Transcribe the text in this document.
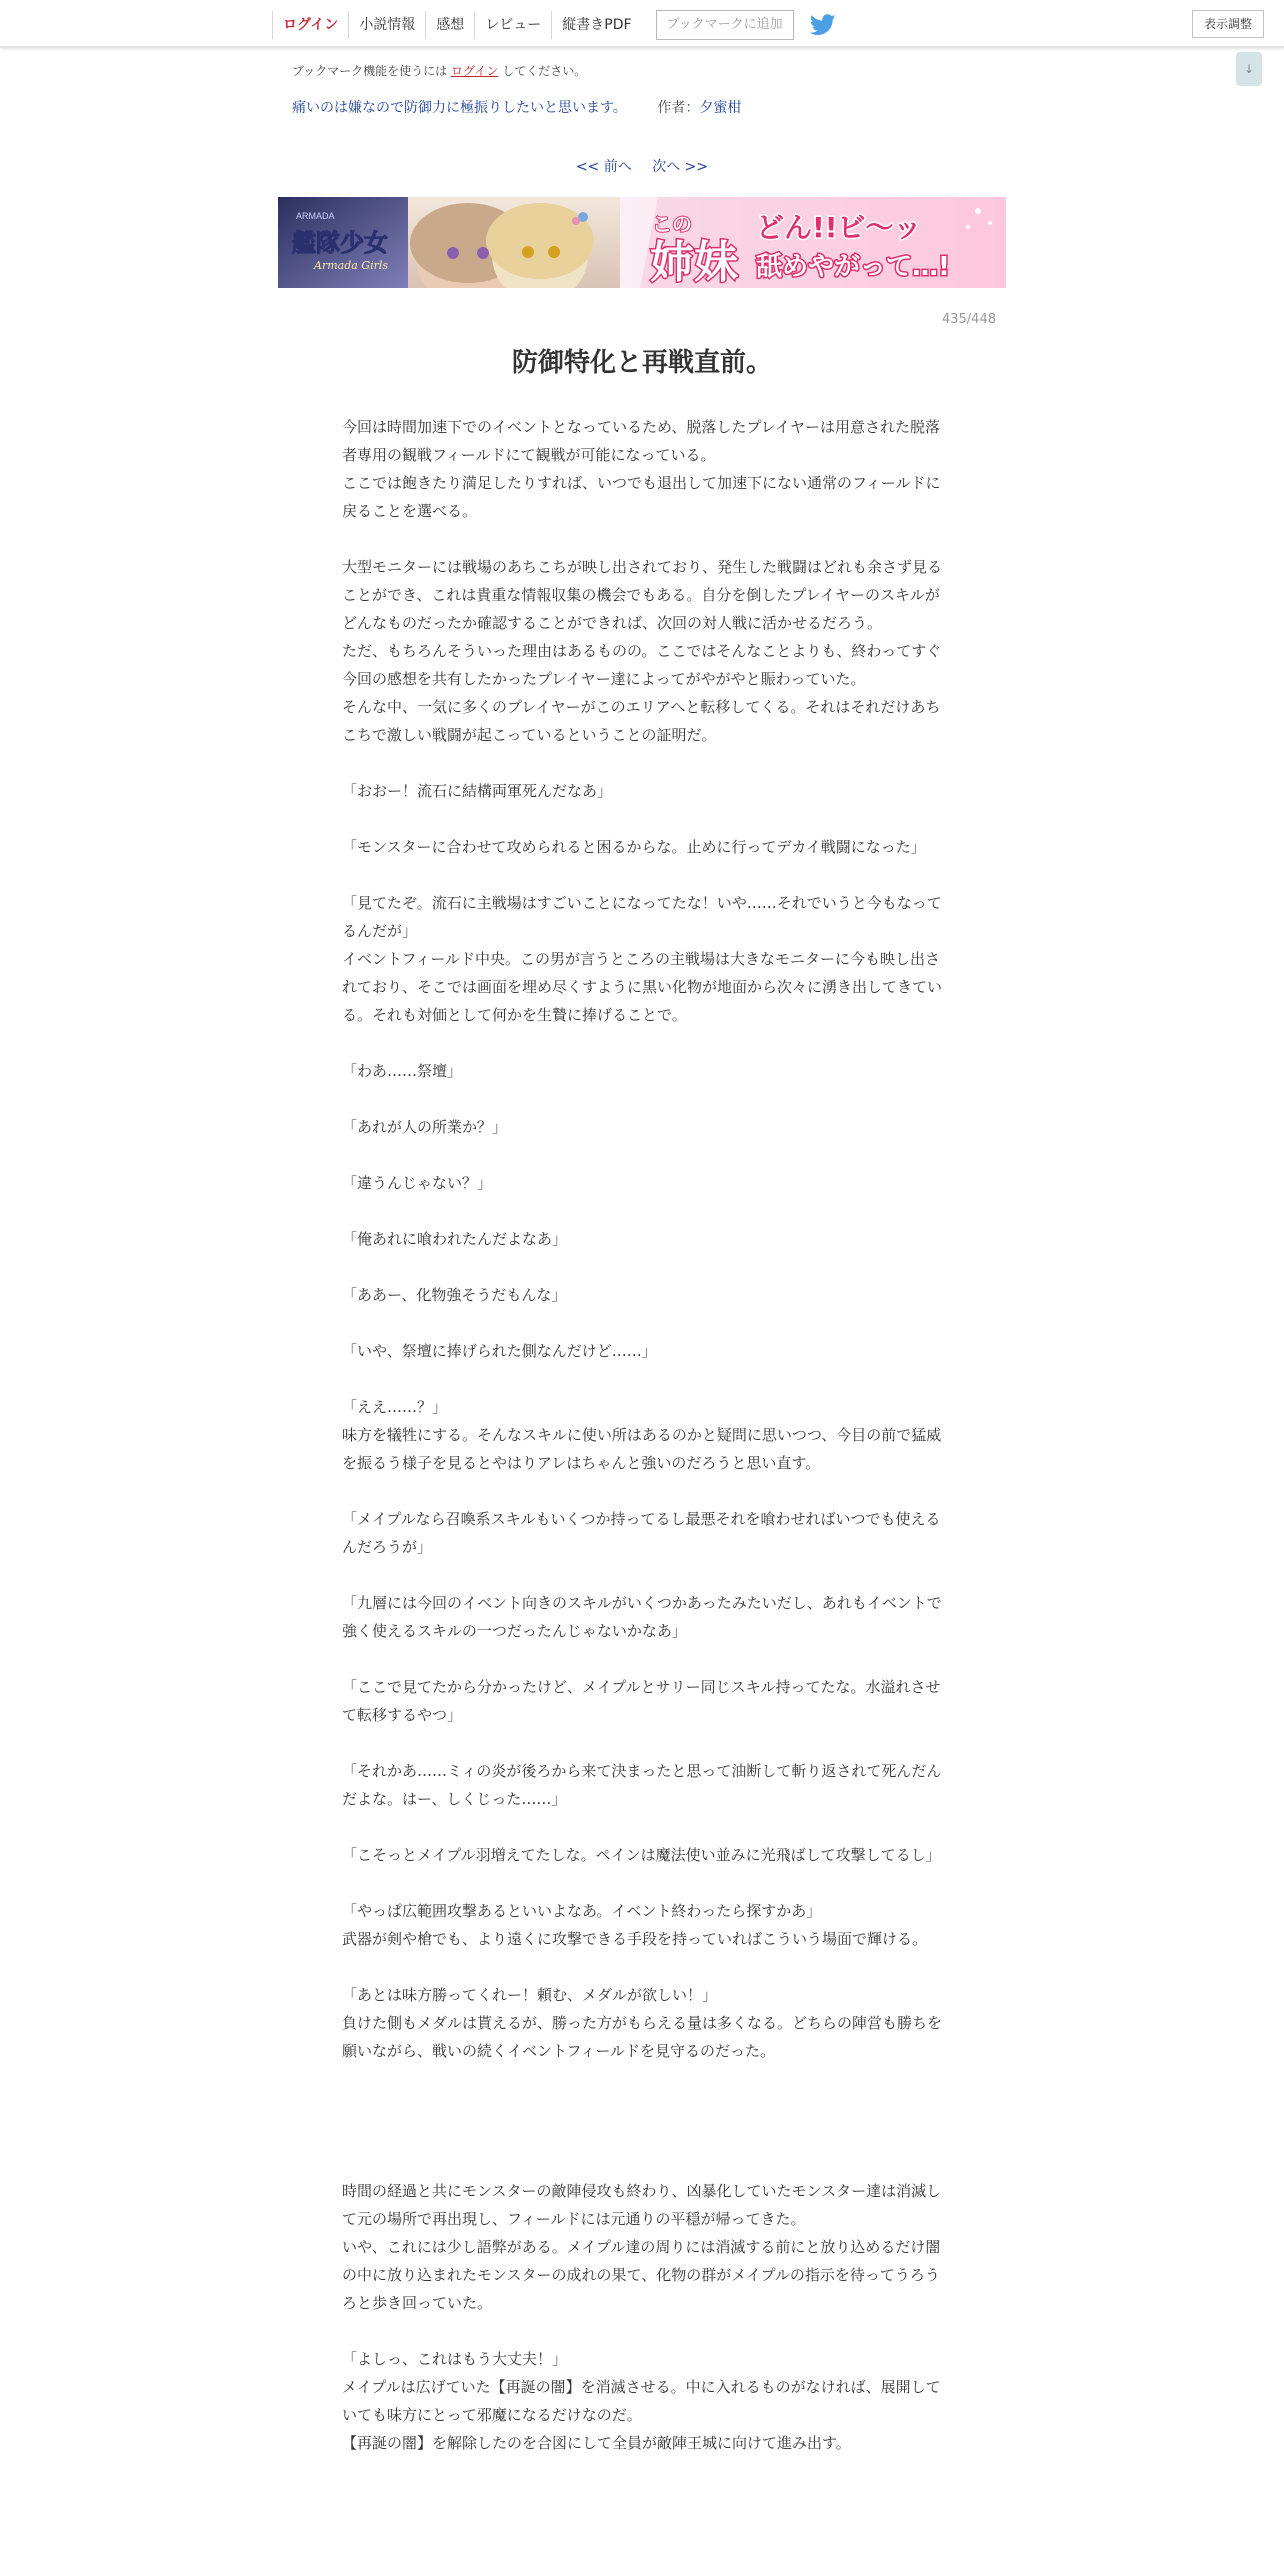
ログイン	小説情報	感想	レビュー	縦書きPDF	ブックマークに追加	表示調整
↓
ブックマーク機能を使うには ログイン してください。
痛いのは嫌なので防御力に極振りしたいと思います。 作者：夕蜜柑
<< 前へ 次へ >>
ARMADA
艦隊少女
Armada Girls
この
姉妹
どん!!ビ〜ッ
舐めやがって…!
435/448
防御特化と再戦直前。

今回は時間加速下でのイベントとなっているため、脱落したプレイヤーは用意された脱落者専用の観戦フィールドにて観戦が可能になっている。

ここでは飽きたり満足したりすれば、いつでも退出して加速下にない通常のフィールドに戻ることを選べる。

大型モニターには戦場のあちこちが映し出されており、発生した戦闘はどれも余さず見ることができ、これは貴重な情報収集の機会でもある。自分を倒したプレイヤーのスキルがどんなものだったか確認することができれば、次回の対人戦に活かせるだろう。

ただ、もちろんそういった理由はあるものの。ここではそんなことよりも、終わってすぐ今回の感想を共有したかったプレイヤー達によってがやがやと賑わっていた。

そんな中、一気に多くのプレイヤーがこのエリアへと転移してくる。それはそれだけあちこちで激しい戦闘が起こっているということの証明だ。

「おおー！流石に結構両軍死んだなあ」

「モンスターに合わせて攻められると困るからな。止めに行ってデカイ戦闘になった」

「見てたぞ。流石に主戦場はすごいことになってたな！いや……それでいうと今もなってるんだが」

イベントフィールド中央。この男が言うところの主戦場は大きなモニターに今も映し出されており、そこでは画面を埋め尽くすように黒い化物が地面から次々に湧き出してきている。それも対価として何かを生贄に捧げることで。

「わあ……祭壇」

「あれが人の所業か？」

「違うんじゃない？」

「俺あれに喰われたんだよなあ」

「ああー、化物強そうだもんな」

「いや、祭壇に捧げられた側なんだけど……」

「ええ……？」

味方を犠牲にする。そんなスキルに使い所はあるのかと疑問に思いつつ、今目の前で猛威を振るう様子を見るとやはりアレはちゃんと強いのだろうと思い直す。

「メイプルなら召喚系スキルもいくつか持ってるし最悪それを喰わせればいつでも使えるんだろうが」

「九層には今回のイベント向きのスキルがいくつかあったみたいだし、あれもイベントで強く使えるスキルの一つだったんじゃないかなあ」

「ここで見てたから分かったけど、メイプルとサリー同じスキル持ってたな。水溢れさせて転移するやつ」

「それかあ……ミィの炎が後ろから来て決まったと思って油断して斬り返されて死んだんだよな。はー、しくじった……」

「こそっとメイプル羽増えてたしな。ペインは魔法使い並みに光飛ばして攻撃してるし」

「やっぱ広範囲攻撃あるといいよなあ。イベント終わったら探すかあ」

武器が剣や槍でも、より遠くに攻撃できる手段を持っていればこういう場面で輝ける。

「あとは味方勝ってくれー！頼む、メダルが欲しい！」

負けた側もメダルは貰えるが、勝った方がもらえる量は多くなる。どちらの陣営も勝ちを願いながら、戦いの続くイベントフィールドを見守るのだった。

時間の経過と共にモンスターの敵陣侵攻も終わり、凶暴化していたモンスター達は消滅して元の場所で再出現し、フィールドには元通りの平穏が帰ってきた。

いや、これには少し語弊がある。メイプル達の周りには消滅する前にと放り込めるだけ闇の中に放り込まれたモンスターの成れの果て、化物の群がメイプルの指示を待ってうろうろと歩き回っていた。

「よしっ、これはもう大丈夫！」

メイプルは広げていた【再誕の闇】を消滅させる。中に入れるものがなければ、展開していても味方にとって邪魔になるだけなのだ。

【再誕の闇】を解除したのを合図にして全員が敵陣王城に向けて進み出す。
